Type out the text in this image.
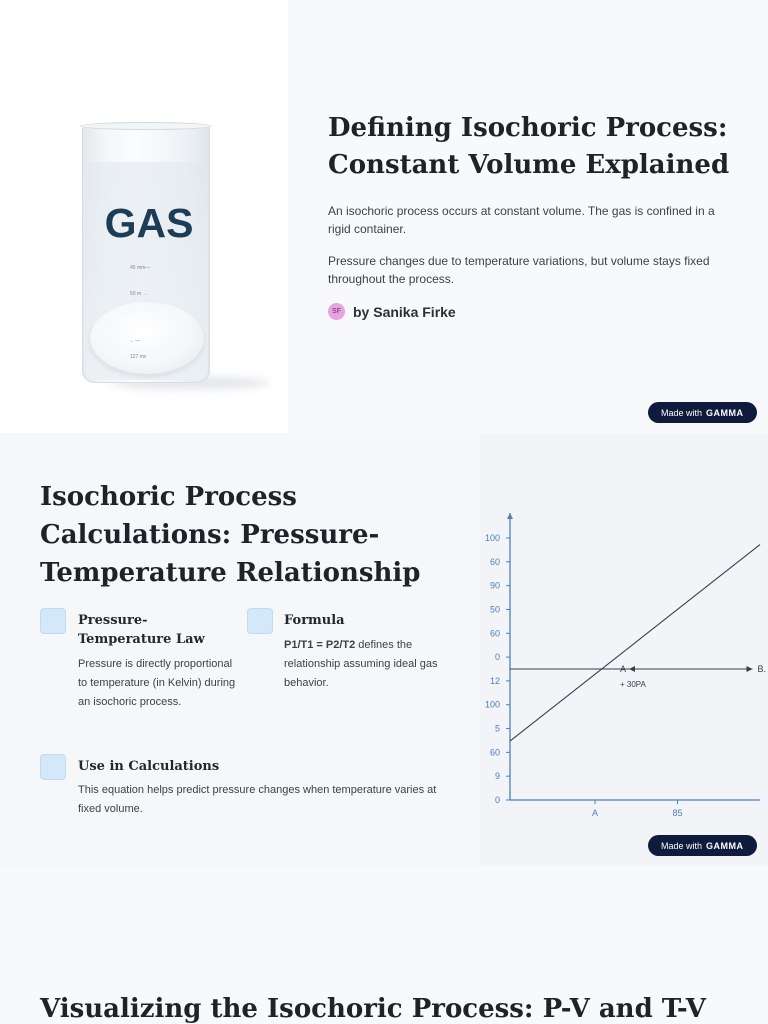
GAS
45 mm—
50 m →
←—
127 mv
Defining Isochoric Process: Constant Volume Explained

An isochoric process occurs at constant volume. The gas is confined in a rigid container.

Pressure changes due to temperature variations, but volume stays fixed throughout the process.

SF by Sanika Firke
Made with GAMMA
Isochoric Process Calculations: Pressure-Temperature Relationship
Pressure-Temperature Law
Pressure is directly proportional to temperature (in Kelvin) during an isochoric process.
Formula
P1/T1 = P2/T2 defines the relationship assuming ideal gas behavior.
Use in Calculations
This equation helps predict pressure changes when temperature varies at fixed volume.
100
60
90
50
60
0
12
100
5
60
9
0
A	85
A	B.
+ 30PA
Made with GAMMA
Visualizing the Isochoric Process: P-V and T-V
